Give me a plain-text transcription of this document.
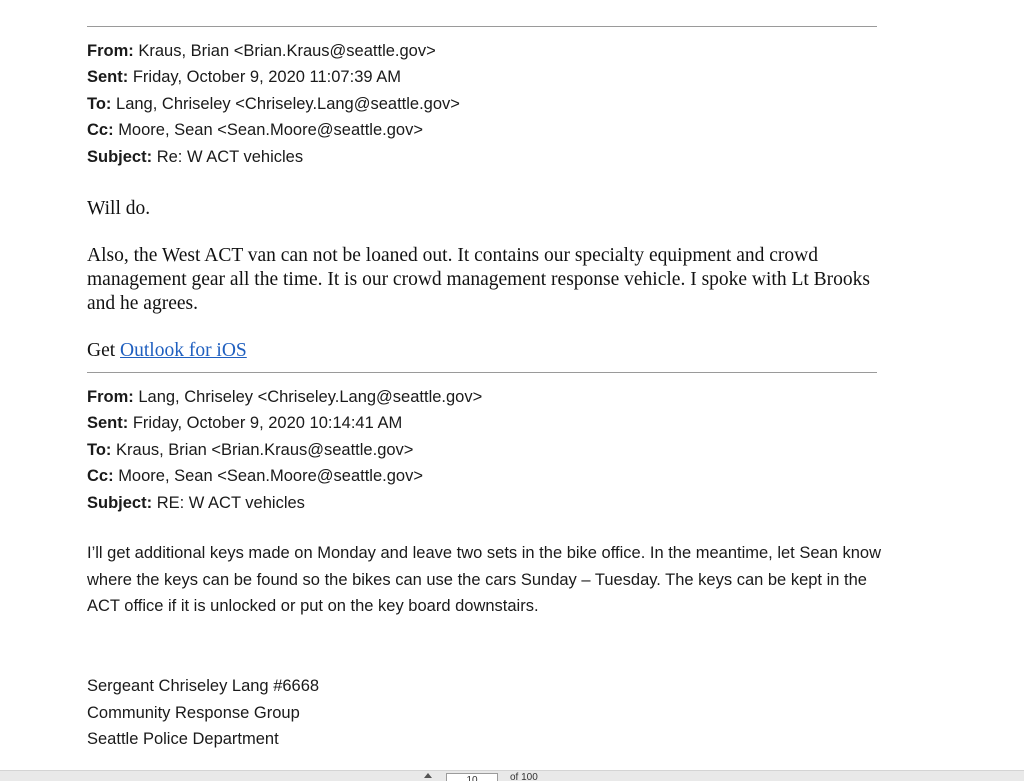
From: Kraus, Brian <Brian.Kraus@seattle.gov>
Sent: Friday, October 9, 2020 11:07:39 AM
To: Lang, Chriseley <Chriseley.Lang@seattle.gov>
Cc: Moore, Sean <Sean.Moore@seattle.gov>
Subject: Re: W ACT vehicles
Will do.
Also, the West ACT van can not be loaned out. It contains our specialty equipment and crowd management gear all the time. It is our crowd management response vehicle. I spoke with Lt Brooks and he agrees.
Get Outlook for iOS
From: Lang, Chriseley <Chriseley.Lang@seattle.gov>
Sent: Friday, October 9, 2020 10:14:41 AM
To: Kraus, Brian <Brian.Kraus@seattle.gov>
Cc: Moore, Sean <Sean.Moore@seattle.gov>
Subject: RE: W ACT vehicles
I’ll get additional keys made on Monday and leave two sets in the bike office. In the meantime, let Sean know where the keys can be found so the bikes can use the cars Sunday – Tuesday. The keys can be kept in the ACT office if it is unlocked or put on the key board downstairs.
Sergeant Chriseley Lang #6668
Community Response Group
Seattle Police Department
10
of 100
